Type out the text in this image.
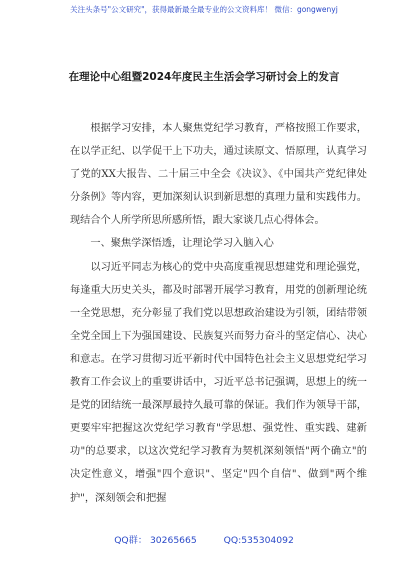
关注头条号"公文研究"，获得最新最全最专业的公文资料库！ 微信：gongwenyj
在理论中心组暨2024年度民主生活会学习研讨会上的发言

根据学习安排，本人聚焦党纪学习教育，严格按照工作要求，在以学正纪、以学促干上下功夫，通过读原文、悟原理，认真学习了党的XX大报告、二十届三中全会《决议》、《中国共产党纪律处分条例》等内容，更加深刻认识到新思想的真理力量和实践伟力。现结合个人所学所思所感所悟，跟大家谈几点心得体会。

一、聚焦学深悟透，让理论学习入脑入心

以习近平同志为核心的党中央高度重视思想建党和理论强党，每逢重大历史关头，都及时部署开展学习教育，用党的创新理论统一全党思想，充分彰显了我们党以思想政治建设为引领，团结带领全党全国上下为强国建设、民族复兴而努力奋斗的坚定信心、决心和意志。在学习贯彻习近平新时代中国特色社会主义思想党纪学习教育工作会议上的重要讲话中，习近平总书记强调，思想上的统一是党的团结统一最深厚最持久最可靠的保证。我们作为领导干部，更要牢牢把握这次党纪学习教育"学思想、强党性、重实践、建新功"的总要求，以这次党纪学习教育为契机深刻领悟"两个确立"的决定性意义，增强"四个意识"、坚定"四个自信"、做到"两个维护"，深刻领会和把握

QQ群： 30265665	QQ:535304092
